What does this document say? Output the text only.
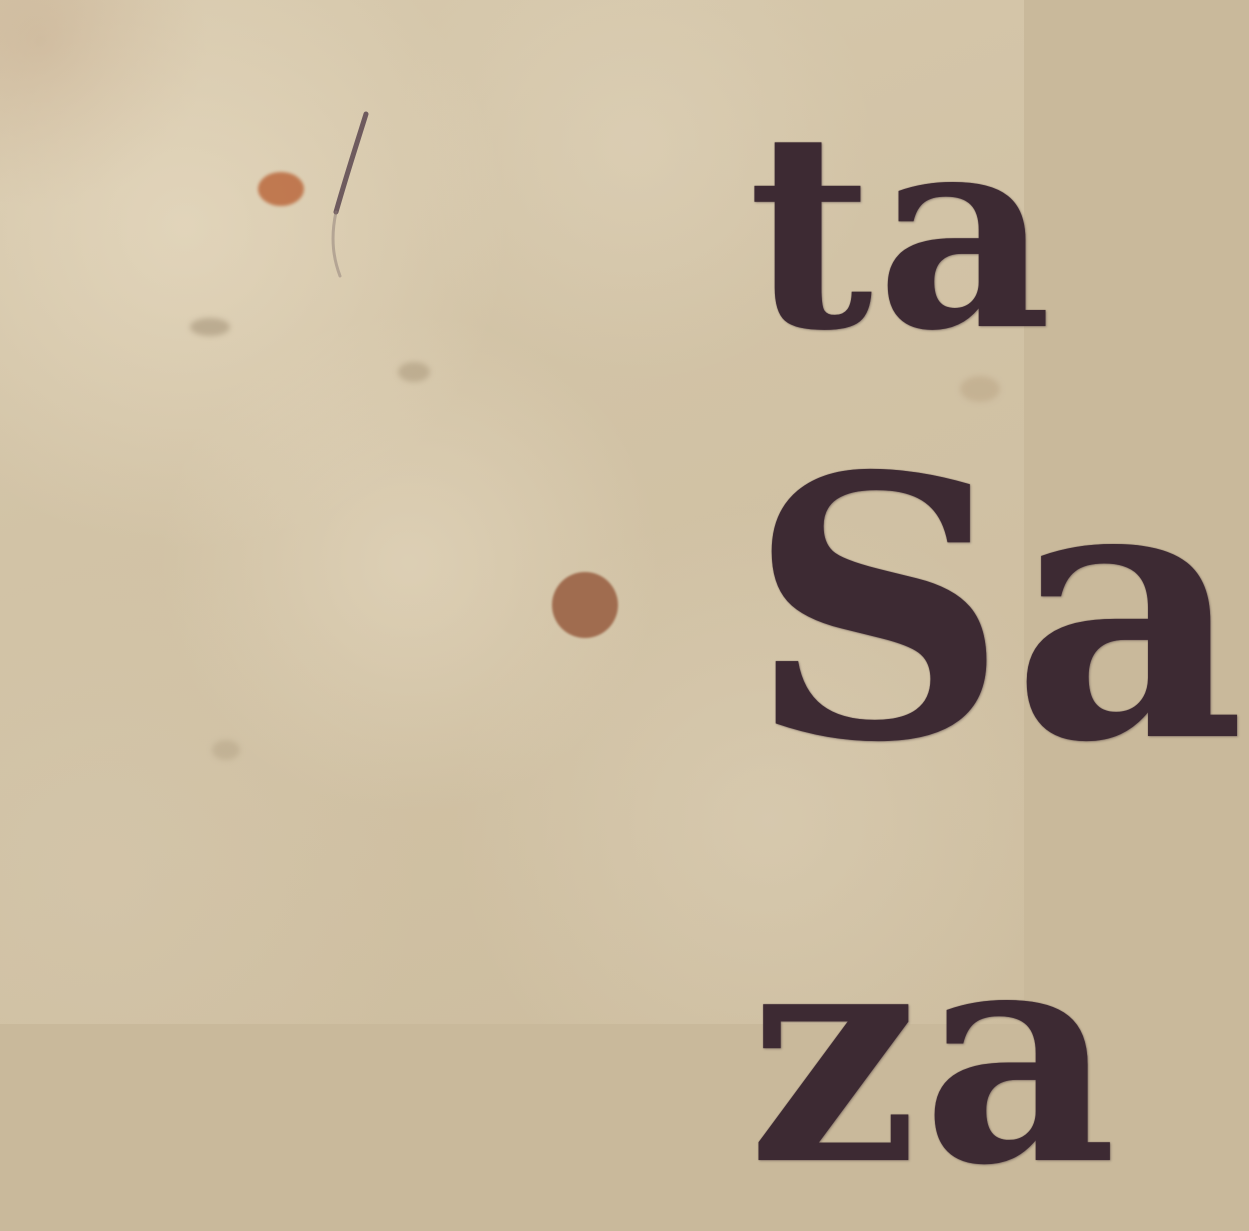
ta

Sa

za
